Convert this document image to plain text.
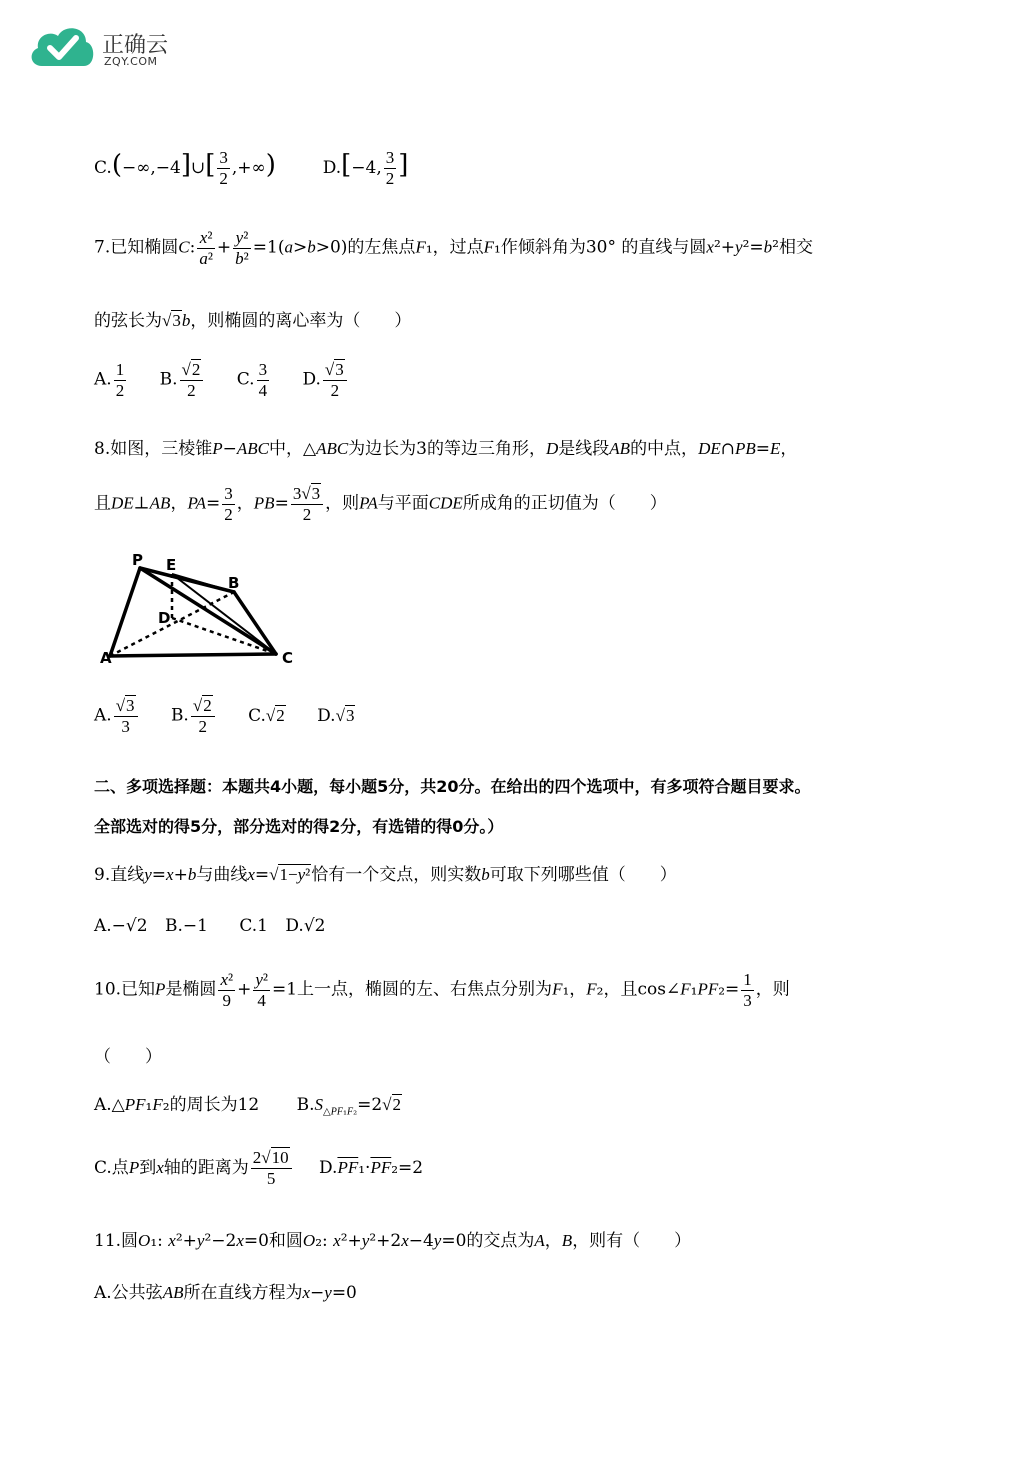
正确云
ZQY.COM
C.(−∞,−4]∪[ $\frac{3}{2}$ ,+∞)	D.[−4, $\frac{3}{2}$ ]
7.已知椭圆C: $\frac{\text{x²}}{\text{a²}} + \frac{\text{y²}}{\text{b²}} =1(a>b>0)$的左焦点F₁，过点F₁作倾斜角为30° 的直线与圆x²+y²=b²相交
的弦长为√3b，则椭圆的离心率为（　　）
A. $\frac{1}{2} B$. $\frac{√2}{2} C$. $\frac{3}{4} D$. $\frac{√3}{2}$
8.如图，三棱锥P−ABC中，△ABC为边长为3的等边三角形，D是线段AB的中点，DE∩PB=E，
且DE⊥AB，$PA= \frac{3}{2}$ ，$PB= \frac{3√3}{2}$ ，则PA与平面CDE所成角的正切值为（　　）
P E
B
D
A	C
A. $\frac{√3}{3} B$. $\frac{√2}{2} C.√2$ D.√3
二、多项选择题：本题共4小题，每小题5分，共20分。在给出的四个选项中，有多项符合题目要求。
全部选对的得5分，部分选对的得2分，有选错的得0分。）
9.直线y=x+b与曲线x=√1−y²恰有一个交点，则实数b可取下列哪些值（　　）
A.−√2 B.−1 C.1 D.√2
10.已知P是椭圆 $\frac{\text{x²}}{9} + \frac{\text{y²}}{4} =1$上一点，椭圆的左、右焦点分别为F₁，F₂，且cos∠F₁PF₂= $\frac{1}{3}$ ，则
（　　）
A.△PF₁F₂的周长为12 $B.S_{\triangle PF_1F_2}=2√2$
C.点P到x轴的距离为 $\frac{2√10}{5} D.\overline{PF}_1\cdot\overline{PF}_2=2$
11.圆O₁: x²+y²−2x=0和圆O₂: x²+y²+2x−4y=0的交点为A，B，则有（　　）
A.公共弦AB所在直线方程为x−y=0
